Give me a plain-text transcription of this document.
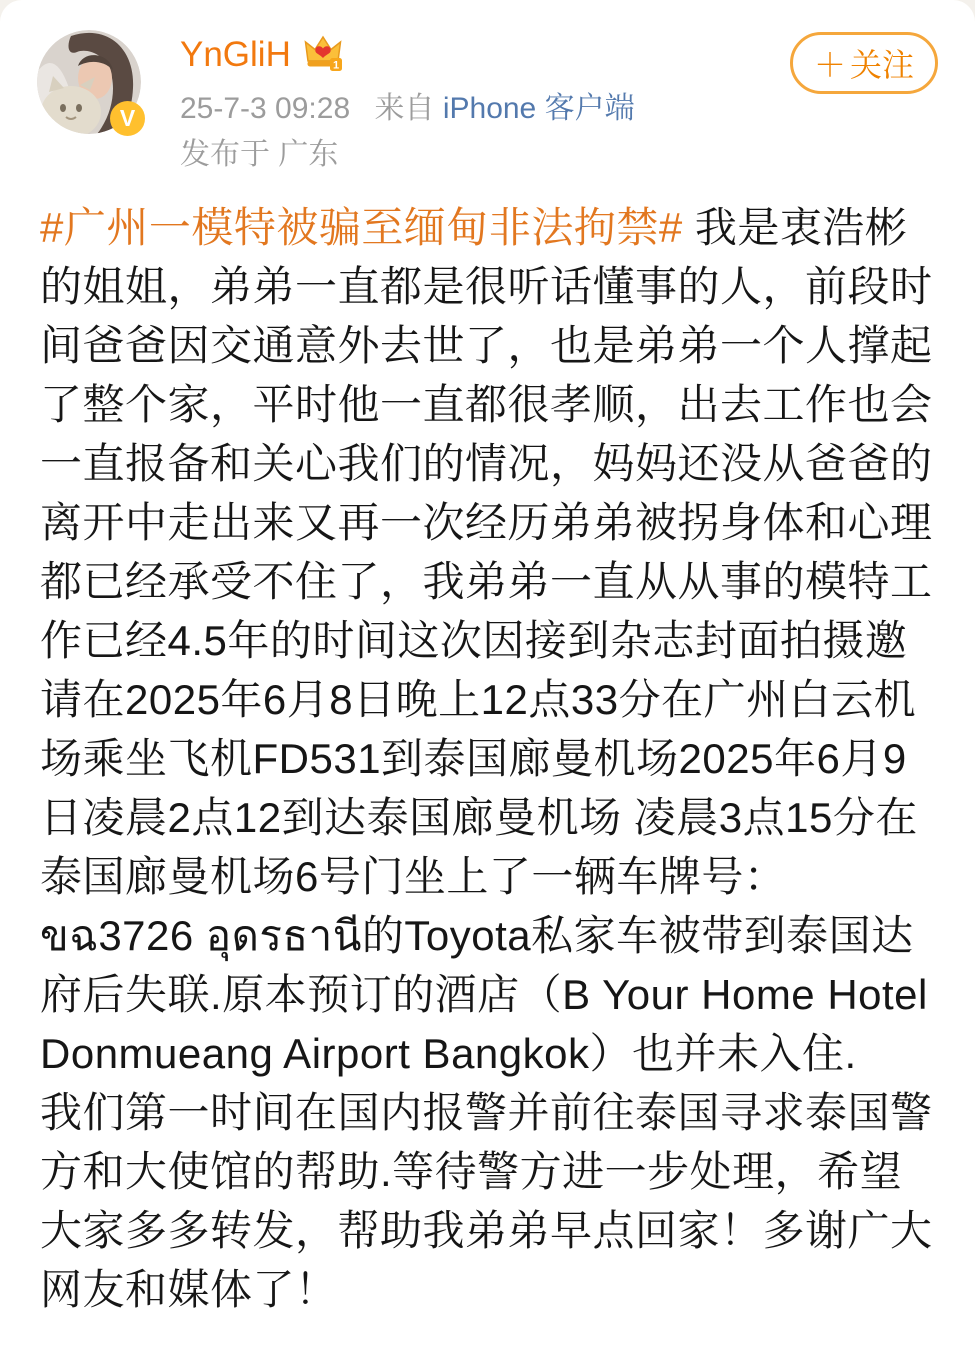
V
YnGliH	1
25-7-3 09:28 来自 iPhone 客户端
发布于 广东
＋ 关注
#广州一模特被骗至缅甸非法拘禁# 我是衷浩彬的姐姐，弟弟一直都是很听话懂事的人，前段时间爸爸因交通意外去世了，也是弟弟一个人撑起了整个家，平时他一直都很孝顺，出去工作也会一直报备和关心我们的情况，妈妈还没从爸爸的离开中走出来又再一次经历弟弟被拐身体和心理都已经承受不住了，我弟弟一直从从事的模特工作已经4.5年的时间这次因接到杂志封面拍摄邀请在2025年6月8日晚上12点33分在广州白云机场乘坐飞机FD531到泰国廊曼机场2025年6月9日凌晨2点12到达泰国廊曼机场 凌晨3点15分在泰国廊曼机场6号门坐上了一辆车牌号：ขฉ3726 อุดรธานี的Toyota私家车被带到泰国达府后失联.原本预订的酒店（B Your Home Hotel Donmueang Airport Bangkok）也并未入住.
我们第一时间在国内报警并前往泰国寻求泰国警方和大使馆的帮助.等待警方进一步处理，希望大家多多转发，帮助我弟弟早点回家！多谢广大网友和媒体了！
